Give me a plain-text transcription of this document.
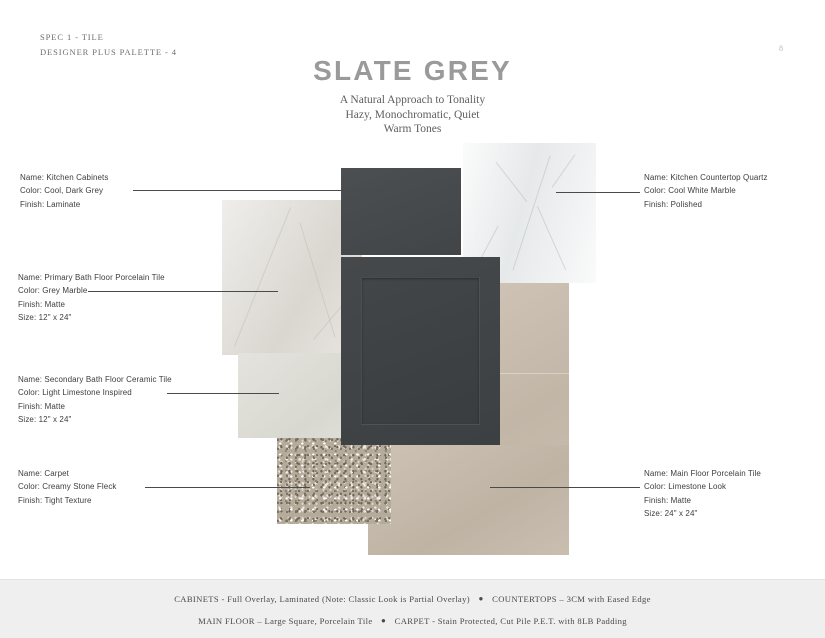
SPEC 1 - TILE
DESIGNER PLUS PALETTE - 4	8
SLATE GREY
A Natural Approach to Tonality
Hazy, Monochromatic, Quiet
Warm Tones
Name: Kitchen Cabinets
Color: Cool, Dark Grey
Finish: Laminate
Name: Primary Bath Floor Porcelain Tile
Color: Grey Marble
Finish: Matte
Size: 12" x 24"
Name: Secondary Bath Floor Ceramic Tile
Color: Light Limestone Inspired
Finish: Matte
Size: 12" x 24"
Name: Carpet
Color: Creamy Stone Fleck
Finish: Tight Texture
Name: Kitchen Countertop Quartz
Color: Cool White Marble
Finish: Polished
Name: Main Floor Porcelain Tile
Color: Limestone Look
Finish: Matte
Size: 24" x 24"
CABINETS - Full Overlay, Laminated (Note: Classic Look is Partial Overlay) ● COUNTERTOPS – 3CM with Eased Edge
MAIN FLOOR – Large Square, Porcelain Tile ● CARPET - Stain Protected, Cut Pile P.E.T. with 8LB Padding
